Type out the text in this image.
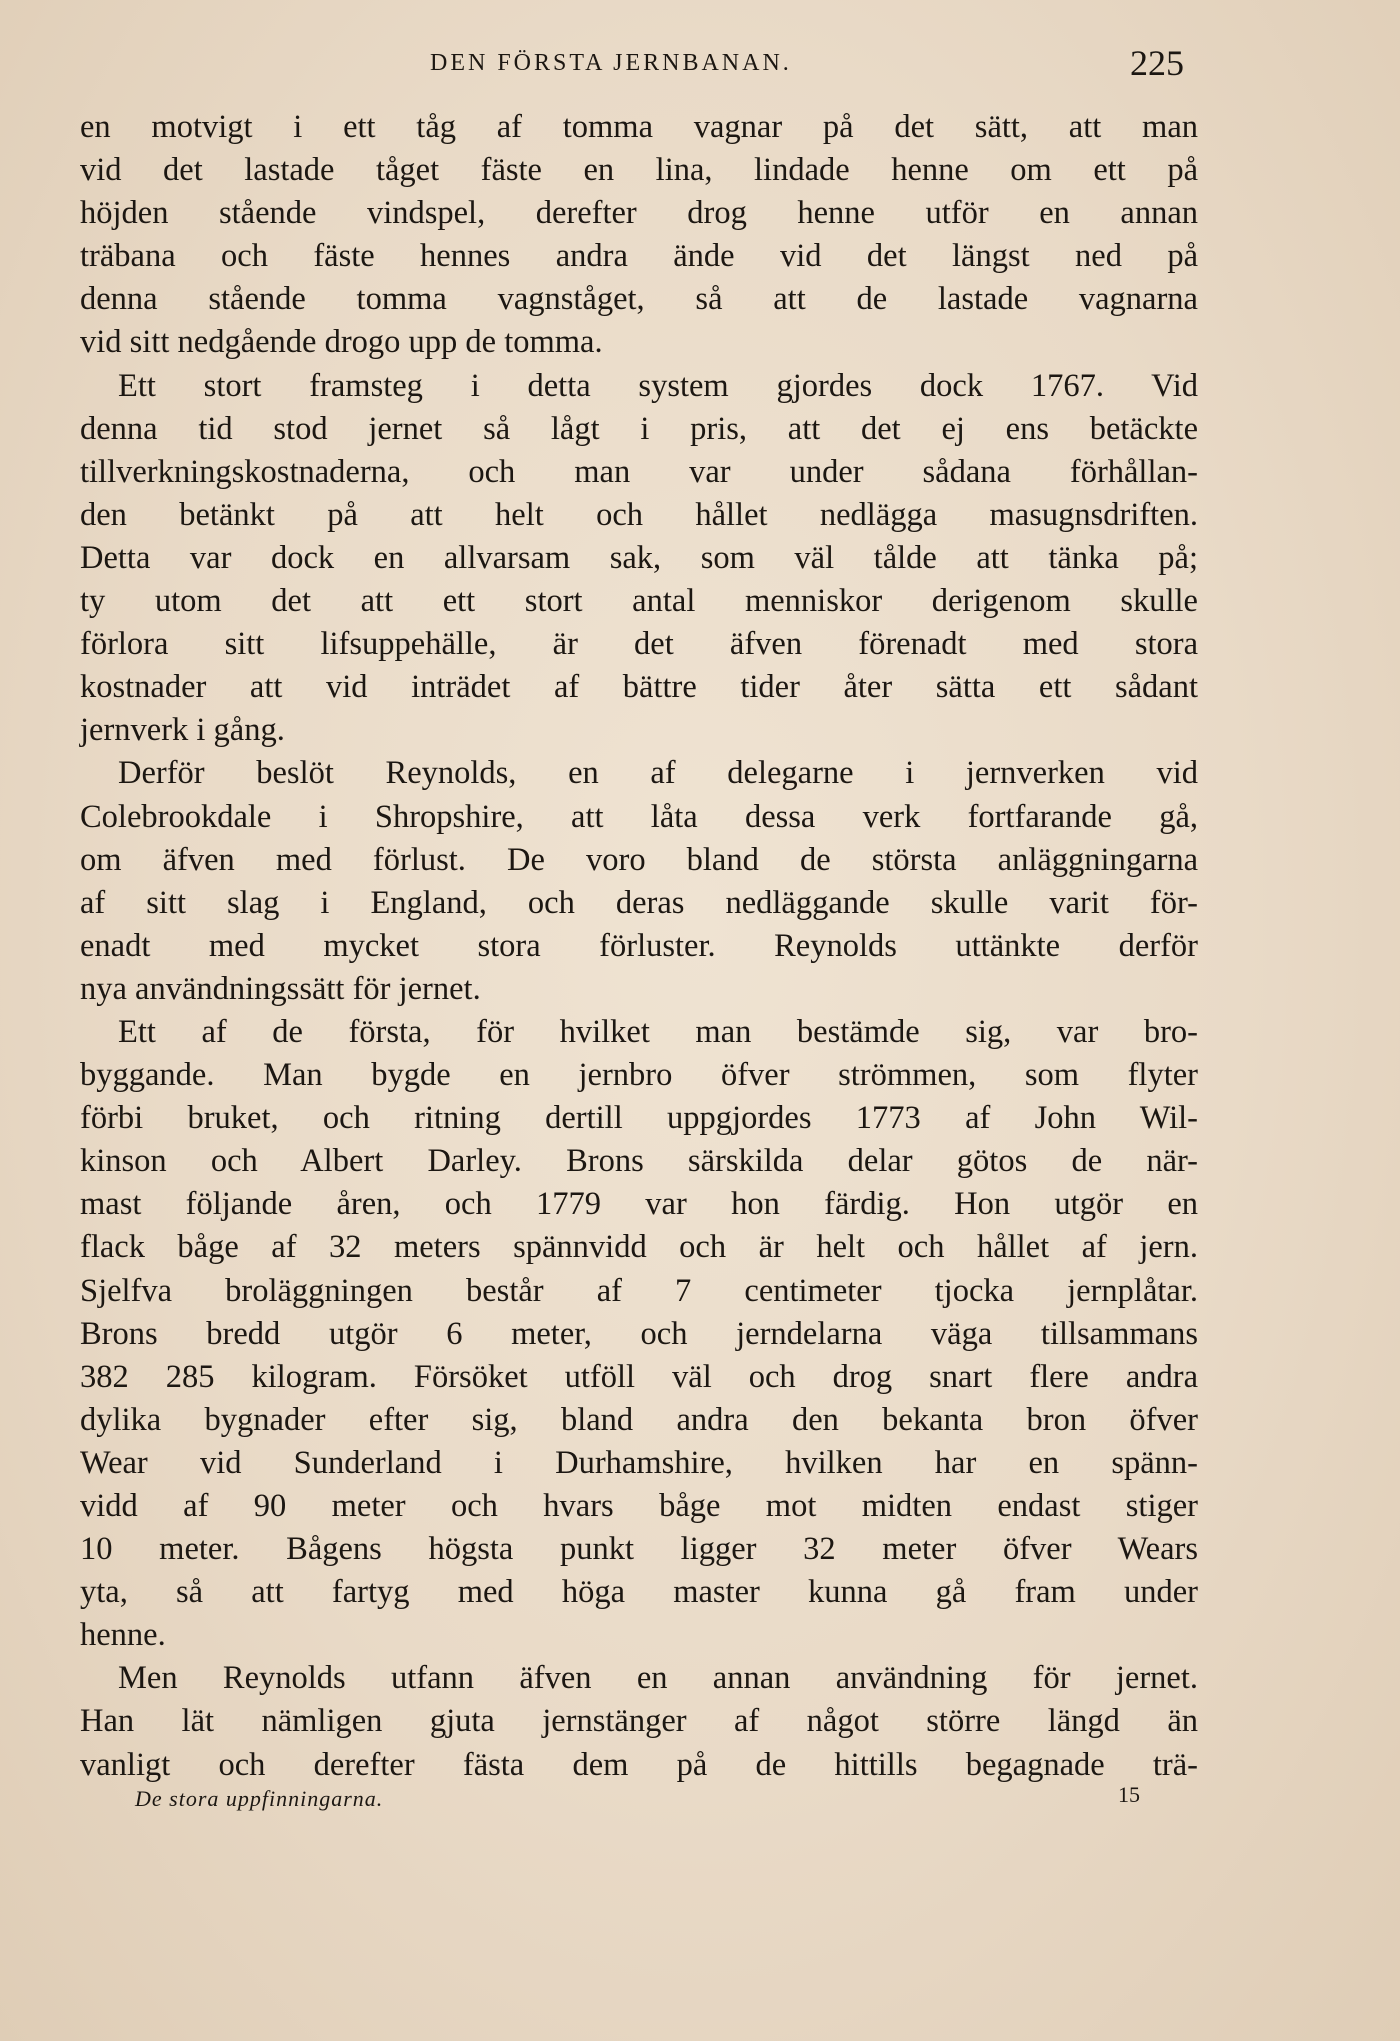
DEN FÖRSTA JERNBANAN.	225
en motvigt i ett tåg af tomma vagnar på det sätt, att man
vid det lastade tåget fäste en lina, lindade henne om ett på
höjden stående vindspel, derefter drog henne utför en annan
träbana och fäste hennes andra ände vid det längst ned på
denna stående tomma vagnståget, så att de lastade vagnarna
vid sitt nedgående drogo upp de tomma.
Ett stort framsteg i detta system gjordes dock 1767. Vid
denna tid stod jernet så lågt i pris, att det ej ens betäckte
tillverkningskostnaderna, och man var under sådana förhållan-
den betänkt på att helt och hållet nedlägga masugnsdriften.
Detta var dock en allvarsam sak, som väl tålde att tänka på;
ty utom det att ett stort antal menniskor derigenom skulle
förlora sitt lifsuppehälle, är det äfven förenadt med stora
kostnader att vid inträdet af bättre tider åter sätta ett sådant
jernverk i gång.
Derför beslöt Reynolds, en af delegarne i jernverken vid
Colebrookdale i Shropshire, att låta dessa verk fortfarande gå,
om äfven med förlust. De voro bland de största anläggningarna
af sitt slag i England, och deras nedläggande skulle varit för-
enadt med mycket stora förluster. Reynolds uttänkte derför
nya användningssätt för jernet.
Ett af de första, för hvilket man bestämde sig, var bro-
byggande. Man bygde en jernbro öfver strömmen, som flyter
förbi bruket, och ritning dertill uppgjordes 1773 af John Wil-
kinson och Albert Darley. Brons särskilda delar götos de när-
mast följande åren, och 1779 var hon färdig. Hon utgör en
flack båge af 32 meters spännvidd och är helt och hållet af jern.
Sjelfva broläggningen består af 7 centimeter tjocka jernplåtar.
Brons bredd utgör 6 meter, och jerndelarna väga tillsammans
382 285 kilogram. Försöket utföll väl och drog snart flere andra
dylika bygnader efter sig, bland andra den bekanta bron öfver
Wear vid Sunderland i Durhamshire, hvilken har en spänn-
vidd af 90 meter och hvars båge mot midten endast stiger
10 meter. Bågens högsta punkt ligger 32 meter öfver Wears
yta, så att fartyg med höga master kunna gå fram under
henne.
Men Reynolds utfann äfven en annan användning för jernet.
Han lät nämligen gjuta jernstänger af något större längd än
vanligt och derefter fästa dem på de hittills begagnade trä-
De stora uppfinningarna.	15
